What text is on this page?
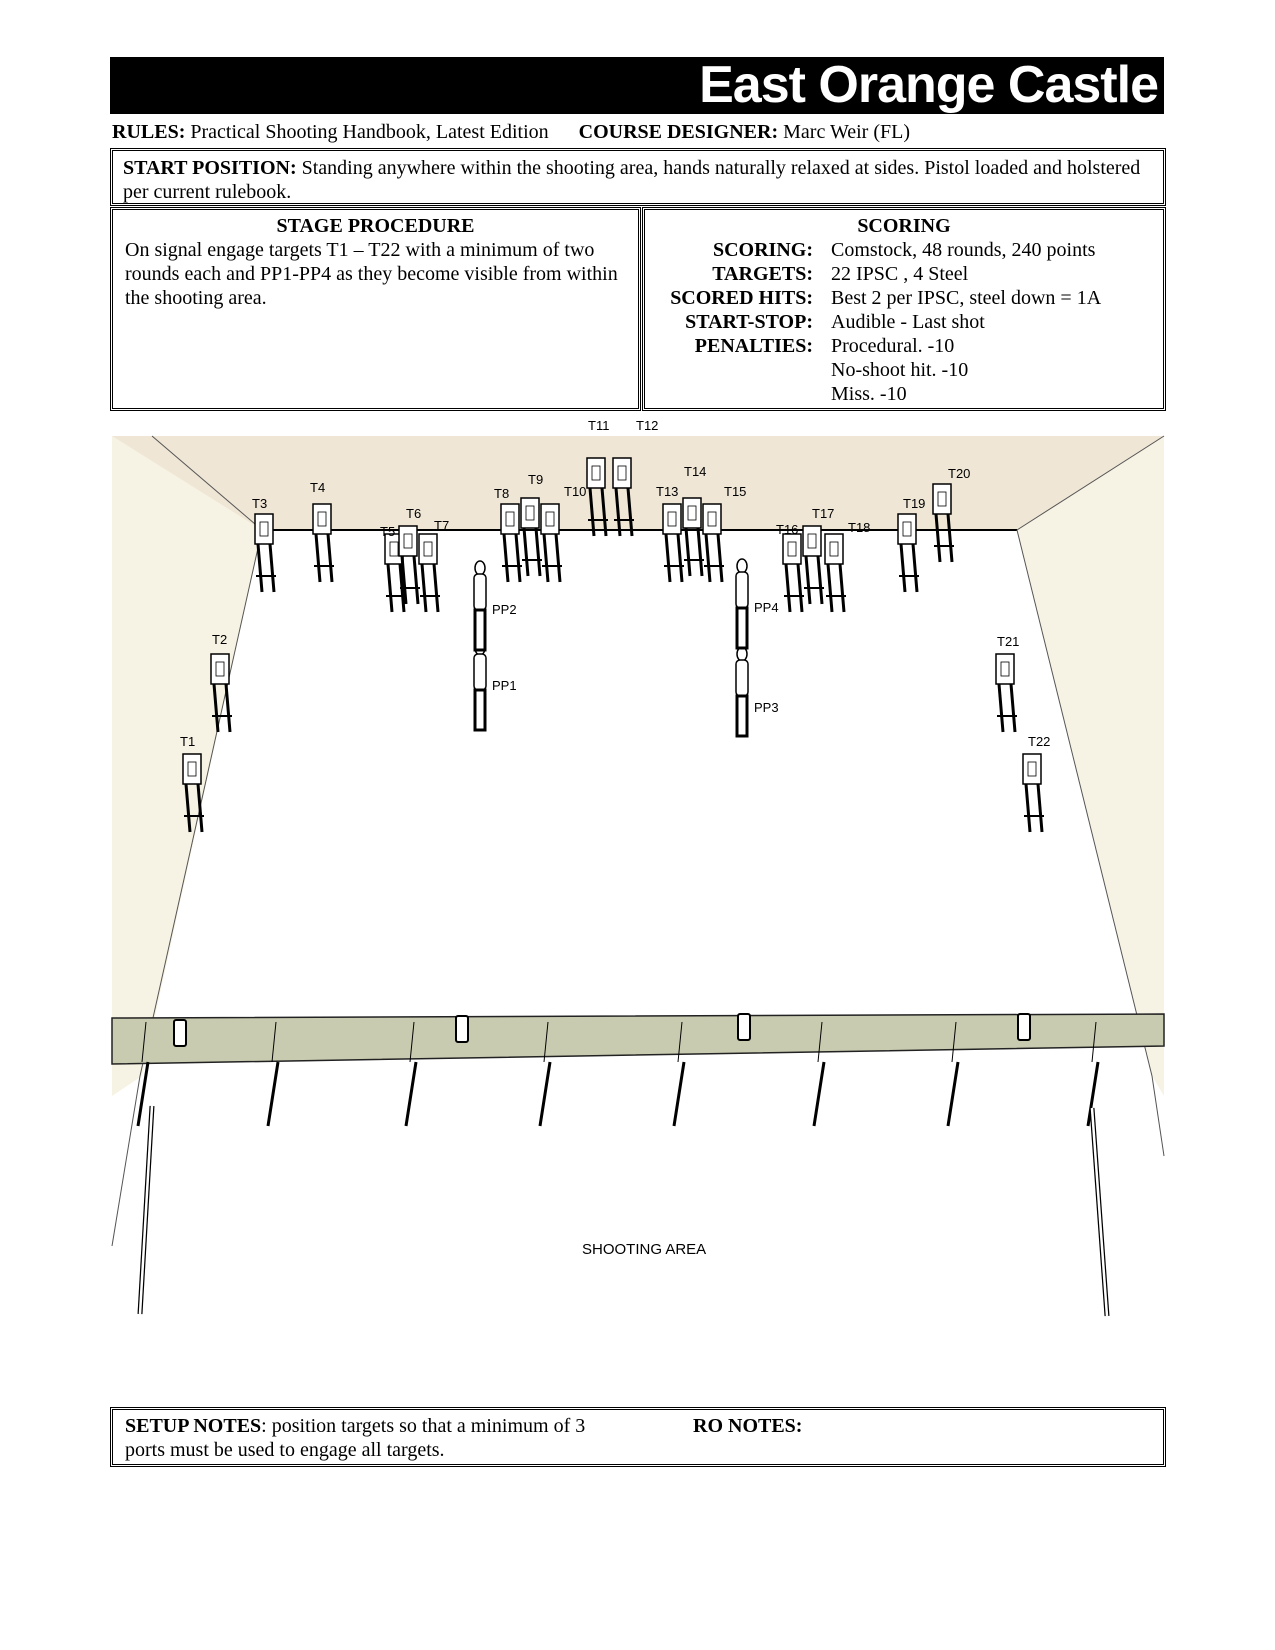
East Orange Castle
RULES: Practical Shooting Handbook, Latest Edition COURSE DESIGNER: Marc Weir (FL)
START POSITION: Standing anywhere within the shooting area, hands naturally relaxed at sides. Pistol loaded and holstered per current rulebook.
STAGE PROCEDURE
On signal engage targets T1 – T22 with a minimum of two rounds each and PP1-PP4 as they become visible from within the shooting area.
SCORING
SCORING: Comstock, 48 rounds, 240 points
TARGETS: 22 IPSC , 4 Steel
SCORED HITS: Best 2 per IPSC, steel down = 1A
START-STOP: Audible - Last shot
PENALTIES: Procedural. -10
No-shoot hit. -10
Miss. -10
T1
T2
T3
T4
T5
T6
T7
T8
T9
T10
T11 T12
T13
T14
T15
T16
T17
T18
T19
T20
T21
T22
PP1
PP2
PP3
PP4
SHOOTING AREA
SETUP NOTES: position targets so that a minimum of 3 ports must be used to engage all targets.
RO NOTES:
